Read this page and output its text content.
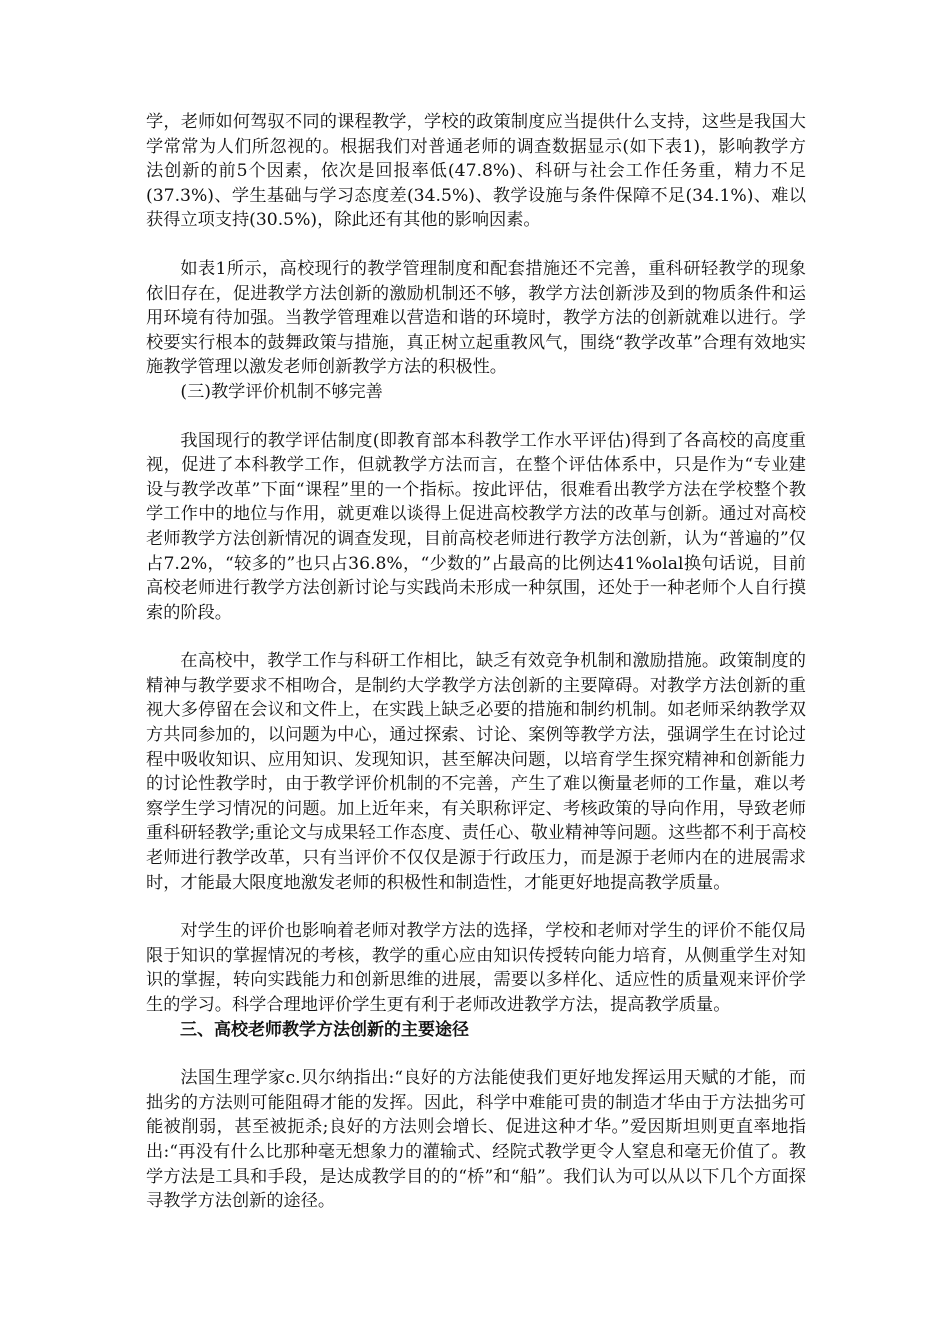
学，老师如何驾驭不同的课程教学，学校的政策制度应当提供什么支持，这些是我国大学常常为人们所忽视的。根据我们对普通老师的调查数据显示(如下表1)，影响教学方法创新的前5个因素，依次是回报率低(47.8%)、科研与社会工作任务重，精力不足(37.3%)、学生基础与学习态度差(34.5%)、教学设施与条件保障不足(34.1%)、难以获得立项支持(30.5%)，除此还有其他的影响因素。

如表1所示，高校现行的教学管理制度和配套措施还不完善，重科研轻教学的现象依旧存在，促进教学方法创新的激励机制还不够，教学方法创新涉及到的物质条件和运用环境有待加强。当教学管理难以营造和谐的环境时，教学方法的创新就难以进行。学校要实行根本的鼓舞政策与措施，真正树立起重教风气，围绕“教学改革”合理有效地实施教学管理以激发老师创新教学方法的积极性。

(三)教学评价机制不够完善

我国现行的教学评估制度(即教育部本科教学工作水平评估)得到了各高校的高度重视，促进了本科教学工作，但就教学方法而言，在整个评估体系中，只是作为“专业建设与教学改革”下面“课程”里的一个指标。按此评估，很难看出教学方法在学校整个教学工作中的地位与作用，就更难以谈得上促进高校教学方法的改革与创新。通过对高校老师教学方法创新情况的调查发现，目前高校老师进行教学方法创新，认为“普遍的”仅占7.2%，“较多的”也只占36.8%，“少数的”占最高的比例达41%olal换句话说，目前高校老师进行教学方法创新讨论与实践尚未形成一种氛围，还处于一种老师个人自行摸索的阶段。

在高校中，教学工作与科研工作相比，缺乏有效竞争机制和激励措施。政策制度的精神与教学要求不相吻合，是制约大学教学方法创新的主要障碍。对教学方法创新的重视大多停留在会议和文件上，在实践上缺乏必要的措施和制约机制。如老师采纳教学双方共同参加的，以问题为中心，通过探索、讨论、案例等教学方法，强调学生在讨论过程中吸收知识、应用知识、发现知识，甚至解决问题，以培育学生探究精神和创新能力的讨论性教学时，由于教学评价机制的不完善，产生了难以衡量老师的工作量，难以考察学生学习情况的问题。加上近年来，有关职称评定、考核政策的导向作用，导致老师重科研轻教学;重论文与成果轻工作态度、责任心、敬业精神等问题。这些都不利于高校老师进行教学改革，只有当评价不仅仅是源于行政压力，而是源于老师内在的进展需求时，才能最大限度地激发老师的积极性和制造性，才能更好地提高教学质量。

对学生的评价也影响着老师对教学方法的选择，学校和老师对学生的评价不能仅局限于知识的掌握情况的考核，教学的重心应由知识传授转向能力培育，从侧重学生对知识的掌握，转向实践能力和创新思维的进展，需要以多样化、适应性的质量观来评价学生的学习。科学合理地评价学生更有利于老师改进教学方法，提高教学质量。

三、高校老师教学方法创新的主要途径

法国生理学家c.贝尔纳指出:“良好的方法能使我们更好地发挥运用天赋的才能，而拙劣的方法则可能阻碍才能的发挥。因此，科学中难能可贵的制造才华由于方法拙劣可能被削弱，甚至被扼杀;良好的方法则会增长、促进这种才华。”爱因斯坦则更直率地指出:“再没有什么比那种毫无想象力的灌输式、经院式教学更令人窒息和毫无价值了。教学方法是工具和手段，是达成教学目的的“桥”和“船”。我们认为可以从以下几个方面探寻教学方法创新的途径。
